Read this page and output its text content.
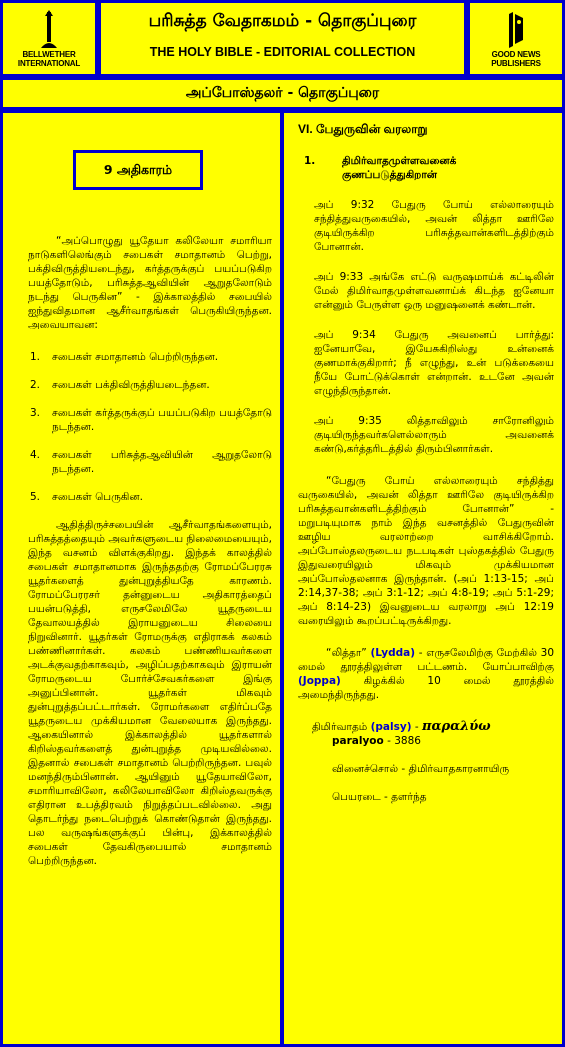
BELLWETHER
INTERNATIONAL
பரிசுத்த வேதாகமம் - தொகுப்புரை
THE HOLY BIBLE - EDITORIAL COLLECTION	GOOD NEWS
PUBLISHERS
அப்போஸ்தலர் - தொகுப்புரை
9 அதிகாரம்

“அப்பொழுது யூதேயா கலிலேயா சமாரியா நாடுகளிலெங்கும் சபைகள் சமாதானம் பெற்று, பக்திவிருத்தியடைந்து, கர்த்தருக்குப் பயப்படுகிற பயத்தோடும், பரிசுத்தஆவியின் ஆறுதலோடும் நடந்து பெருகின” - இக்காலத்தில் சபையில் ஐந்துவிதமான ஆசீர்வாதங்கள் பெருகியிருந்தன. அவையாவன:

1.	சபைகள் சமாதானம் பெற்றிருந்தன.
2.	சபைகள் பக்திவிருத்தியடைந்தன.
3.	சபைகள் கர்த்தருக்குப் பயப்படுகிற பயத்தோடு நடந்தன.
4.	சபைகள் பரிசுத்தஆவியின் ஆறுதலோடு நடந்தன.
5.	சபைகள் பெருகின.

ஆதித்திருச்சபையின் ஆசீர்வாதங்களையும், பரிசுத்தத்தையும் அவர்களுடைய நிலைமையையும், இந்த வசனம் விளக்குகிறது. இந்தக் காலத்தில் சபைகள் சமாதானமாக இருந்ததற்கு ரோமப்பேரரசு யூதர்களைத் துன்புறுத்தியதே காரணம். ரோமப்பேரரசர் தன்னுடைய அதிகாரத்தைப் பயன்படுத்தி, எருசலேமிலே யூதருடைய தேவாலயத்தில் இராயனுடைய சிலையை நிறுவினார். யூதர்கள் ரோமருக்கு எதிராகக் கலகம் பண்ணினார்கள். கலகம் பண்ணியவர்களை அடக்குவதற்காகவும், அழிப்பதற்காகவும் இராயன் ரோமருடைய போர்ச்சேவகர்களை இங்கு அனுப்பினான். யூதர்கள் மிகவும் துன்புறுத்தப்பட்டார்கள். ரோமர்களை எதிர்ப்பதே யூதருடைய முக்கியமான வேலையாக இருந்தது. ஆகையினால் இக்காலத்தில் யூதர்களால் கிறிஸ்தவர்களைத் துன்புறுத்த முடியவில்லை. இதனால் சபைகள் சமாதானம் பெற்றிருந்தன. பவுல் மனந்திரும்பினான். ஆயினும் யூதேயாவிலோ, சமாரியாவிலோ, கலிலேயாவிலோ கிறிஸ்தவருக்கு எதிரான உபத்திரவம் நிறுத்தப்படவில்லை. அது தொடர்ந்து நடைபெற்றுக் கொண்டுதான் இருந்தது. பல வருஷங்களுக்குப் பின்பு, இக்காலத்தில் சபைகள் தேவகிருபையால் சமாதானம் பெற்றிருந்தன.

VI. பேதுருவின் வரலாறு
1.	திமிர்வாதமுள்ளவனைக் குணப்படுத்துகிறான்

அப் 9:32 பேதுரு போய் எல்லாரையும் சந்தித்துவருகையில், அவன் லித்தா ஊரிலே குடியிருக்கிற பரிசுத்தவான்களிடத்திற்கும் போனான்.

அப் 9:33 அங்கே எட்டு வருஷமாய்க் கட்டிலின் மேல் திமிர்வாதமுள்ளவனாய்க் கிடந்த ஐனேயா என்னும் பேருள்ள ஒரு மனுஷனைக் கண்டான்.

அப் 9:34 பேதுரு அவனைப் பார்த்து: ஐனேயாவே, இயேசுகிறிஸ்து உன்னைக் குணமாக்குகிறார்; நீ எழுந்து, உன் படுக்கையை நீயே போட்டுக்கொள் என்றான். உடனே அவன் எழுந்திருந்தான்.

அப் 9:35 லித்தாவிலும் சாரோனிலும் குடியிருந்தவர்களெல்லாரும் அவனைக் கண்டு,கர்த்தரிடத்தில் திரும்பினார்கள்.

“பேதுரு போய் எல்லாரையும் சந்தித்து வருகையில், அவன் லித்தா ஊரிலே குடியிருக்கிற பரிசுத்தவான்களிடத்திற்கும் போனான்” - மறுபடியுமாக நாம் இந்த வசனத்தில் பேதுருவின் ஊழிய வரலாற்றை வாசிக்கிறோம். அப்போஸ்தலருடைய நடபடிகள் புஸ்தகத்தில் பேதுரு இதுவரையிலும் மிகவும் முக்கியமான அப்போஸ்தலனாக இருந்தான். (அப் 1:13-15; அப் 2:14,37-38; அப் 3:1-12; அப் 4:8-19; அப் 5:1-29; அப் 8:14-23) இவனுடைய வரலாறு அப் 12:19 வரையிலும் கூறப்பட்டிருக்கிறது.

“லித்தா” (Lydda) - எருசலேமிற்கு மேற்கில் 30 மைல் தூரத்திலுள்ள பட்டணம். யோப்பாவிற்கு (Joppa) கிழக்கில் 10 மைல் தூரத்தில் அமைந்திருந்தது.

திமிர்வாதம் (palsy) - παραλύω
paralyoo - 3886
வினைச்சொல் - திமிர்வாதகாரனாயிரு
பெயரடை - தளர்ந்த
